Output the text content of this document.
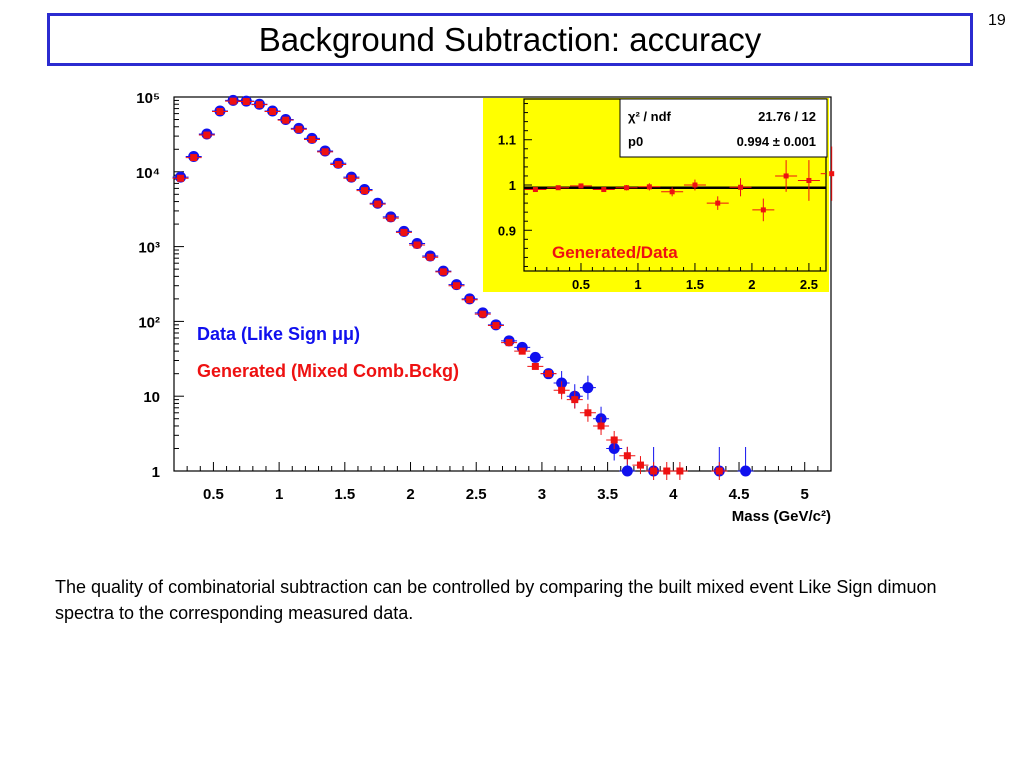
Background Subtraction: accuracy	19
0.5	1	1.5	2	2.5	3	3.5	4	4.5	5
1
10
10²
10³
10⁴
10⁵
Mass (GeV/c²)
Data (Like Sign μμ)
Generated (Mixed Comb.Bckg)
0.5	1	1.5	2	2.5
0.9
1
1.1
χ² / ndf	21.76 / 12
p0	0.994 ± 0.001
Generated/Data
The quality of combinatorial subtraction can be controlled by comparing the built mixed event Like Sign dimuon spectra to the corresponding measured data.
